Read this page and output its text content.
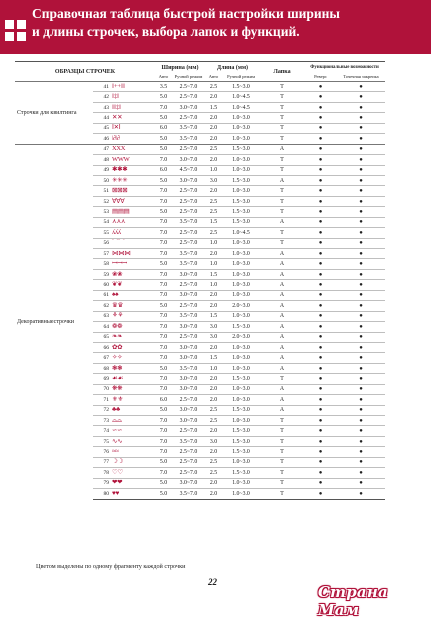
Справочная таблица быстрой настройки ширины
и длины строчек, выбора лапок и функций.
ОБРАЗЦЫ СТРОЧЕК			Ширина (мм)		Длина (мм)		Лапка	Функциональные возможности	
			Авто	Ручной режим	Авто	Ручной режим		Реверс	Точечная закрепка
Строчки для квилтинга	41	ǀǀ++ǀǀǀǀ	3.5	2.5~7.0	2.5	1.5~3.0	T	●	●
	42	ǀǀ‡ǀǀ	5.0	2.5~7.0	2.0	1.0~4.5	T	●	●
	43	ǀǀǀǀ‡ǀǀ	7.0	3.0~7.0	1.5	1.0~4.5	T	●	●
	44	✕✕	5.0	2.5~7.0	2.0	1.0~3.0	T	●	●
	45	ꟾ✕ꟾ	6.0	3.5~7.0	2.0	1.0~3.0	T	●	●
	46	ǀ∂ǀ∂	5.0	3.5~7.0	2.0	1.0~3.0	T	●	●
Декоративныестрочки	47	XXX	5.0	2.5~7.0	2.5	1.5~3.0	A	●	●
	48	WWW	7.0	3.0~7.0	2.0	1.0~3.0	T	●	●
	49	✱✱✱	6.0	4.5~7.0	1.0	1.0~3.0	T	●	●
	50	✳✳✳	5.0	3.0~7.0	3.0	1.5~3.0	A	●	●
	51	⊠⊠⊠	7.0	2.5~7.0	2.0	1.0~3.0	T	●	●
	52	∀∀∀	7.0	2.5~7.0	2.5	1.5~3.0	T	●	●
	53	▤▤▤	5.0	2.5~7.0	2.5	1.5~3.0	T	●	●
	54	⋏⋏⋏	7.0	3.5~7.0	1.5	1.5~3.0	A	●	●
	55	ʎʎʎ	7.0	2.5~7.0	2.5	1.0~4.5	T	●	●
	56	⌒⌒	7.0	2.5~7.0	1.0	1.0~3.0	T	●	●
	57	⋈⋈⋈	7.0	3.5~7.0	2.0	1.0~3.0	A	●	●
	58	ꟷꟷꟷ	5.0	3.5~7.0	1.0	1.0~3.0	A	●	●
	59	❀❀	7.0	3.0~7.0	1.5	1.0~3.0	A	●	●
	60	❦❦	7.0	2.5~7.0	1.0	1.0~3.0	A	●	●
	61	♠♠	7.0	3.0~7.0	2.0	1.0~3.0	A	●	●
	62	♛♛	5.0	2.5~7.0	2.0	2.0~3.0	A	●	●
	63	⚘⚘	7.0	3.5~7.0	1.5	1.0~3.0	A	●	●
	64	❁❁	7.0	3.0~7.0	3.0	1.5~3.0	A	●	●
	65	❧❧	7.0	2.5~7.0	3.0	2.0~3.0	A	●	●
	66	✿✿	7.0	3.0~7.0	2.0	1.0~3.0	A	●	●
	67	✧✧	7.0	3.0~7.0	1.5	1.0~3.0	A	●	●
	68	❃❃	5.0	3.5~7.0	1.0	1.0~3.0	A	●	●
	69	☙☙	7.0	3.0~7.0	2.0	1.5~3.0	T	●	●
	70	❋❋	7.0	3.0~7.0	2.0	1.0~3.0	A	●	●
	71	⚜⚜	6.0	2.5~7.0	2.0	1.0~3.0	A	●	●
	72	♣♣	5.0	3.0~7.0	2.5	1.5~3.0	A	●	●
	73	⌓⌓	7.0	3.0~7.0	2.5	1.0~3.0	T	●	●
	74	∽∽	7.0	2.5~7.0	2.0	1.5~3.0	T	●	●
	75	∿∿	7.0	3.5~7.0	3.0	1.5~3.0	T	●	●
	76	≈≈	7.0	2.5~7.0	2.0	1.5~3.0	T	●	●
	77	☽☽	5.0	2.5~7.0	2.5	1.0~3.0	T	●	●
	78	♡♡	7.0	2.5~7.0	2.5	1.5~3.0	T	●	●
	79	❤❤	5.0	3.0~7.0	2.0	1.0~3.0	T	●	●
	80	♥♥	5.0	3.5~7.0	2.0	1.0~3.0	T	●	●
Цветом выделены по одному фрагменту каждой строчки
22
Страна Мам
